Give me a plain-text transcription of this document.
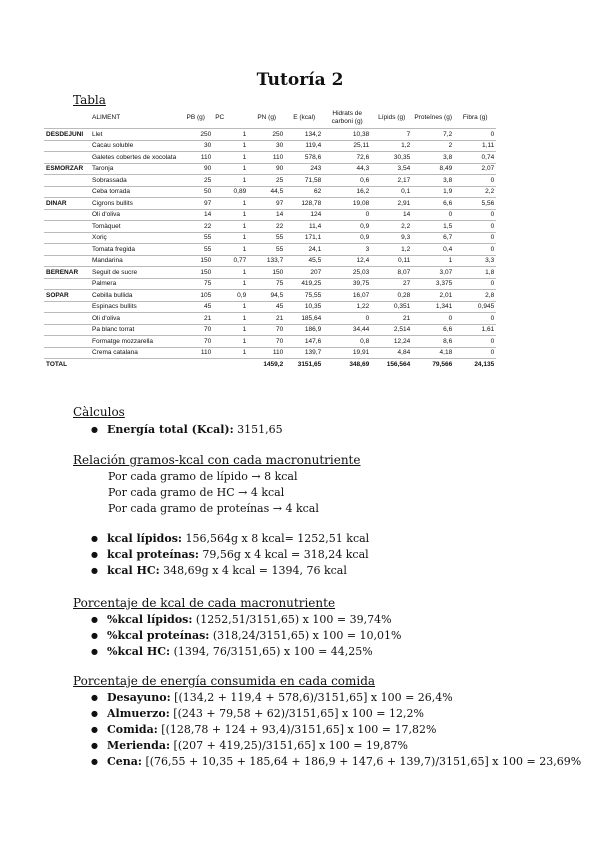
Tutoría 2
Tabla
	ALIMENT	PB (g)	PC	PN (g)	E (kcal)	Hidrats de carboni (g)	Lípids (g)	Proteïnes (g)	Fibra (g)
DESDEJUNI	Llet	250	1	250	134,2	10,38	7	7,2	0
	Cacau soluble	30	1	30	119,4	25,11	1,2	2	1,11
	Galetes cobertes de xocolata	110	1	110	578,6	72,6	30,35	3,8	0,74
ESMORZAR	Taronja	90	1	90	243	44,3	3,54	8,49	2,07
	Sobrassada	25	1	25	71,58	0,6	2,17	3,8	0
	Ceba torrada	50	0,89	44,5	62	16,2	0,1	1,9	2,2
DINAR	Cigrons bullits	97	1	97	128,78	19,08	2,91	6,6	5,56
	Oli d'oliva	14	1	14	124	0	14	0	0
	Tomàquet	22	1	22	11,4	0,9	2,2	1,5	0
	Xoriç	55	1	55	171,1	0,9	9,3	6,7	0
	Tomata fregida	55	1	55	24,1	3	1,2	0,4	0
	Mandarina	150	0,77	133,7	45,5	12,4	0,11	1	3,3
BERENAR	Seguit de sucre	150	1	150	207	25,03	8,07	3,07	1,8
	Palmera	75	1	75	419,25	39,75	27	3,375	0
SOPAR	Cebilla bullida	105	0,9	94,5	75,55	16,07	0,28	2,01	2,8
	Espinacs bullits	45	1	45	10,35	1,22	0,351	1,341	0,945
	Oli d'oliva	21	1	21	185,64	0	21	0	0
	Pa blanc torrat	70	1	70	186,9	34,44	2,514	6,6	1,61
	Formatge mozzarella	70	1	70	147,6	0,8	12,24	8,6	0
	Crema catalana	110	1	110	139,7	19,91	4,84	4,18	0
TOTAL				1459,2	3151,65	348,69	156,564	79,566	24,135
Càlculos
● Energía total (Kcal): 3151,65
Relación gramos-kcal con cada macronutriente
Por cada gramo de lípido → 8 kcal
Por cada gramo de HC → 4 kcal
Por cada gramo de proteínas → 4 kcal
● kcal lípidos: 156,564g x 8 kcal= 1252,51 kcal
● kcal proteínas: 79,56g x 4 kcal = 318,24 kcal
● kcal HC: 348,69g x 4 kcal = 1394, 76 kcal
Porcentaje de kcal de cada macronutriente
● %kcal lípidos: (1252,51/3151,65) x 100 = 39,74%
● %kcal proteínas: (318,24/3151,65) x 100 = 10,01%
● %kcal HC: (1394, 76/3151,65) x 100 = 44,25%
Porcentaje de energía consumida en cada comida
● Desayuno: [(134,2 + 119,4 + 578,6)/3151,65] x 100 = 26,4%
● Almuerzo: [(243 + 79,58 + 62)/3151,65] x 100 = 12,2%
● Comida: [(128,78 + 124 + 93,4)/3151,65] x 100 = 17,82%
● Merienda: [(207 + 419,25)/3151,65] x 100 = 19,87%
● Cena: [(76,55 + 10,35 + 185,64 + 186,9 + 147,6 + 139,7)/3151,65] x 100 = 23,69%
